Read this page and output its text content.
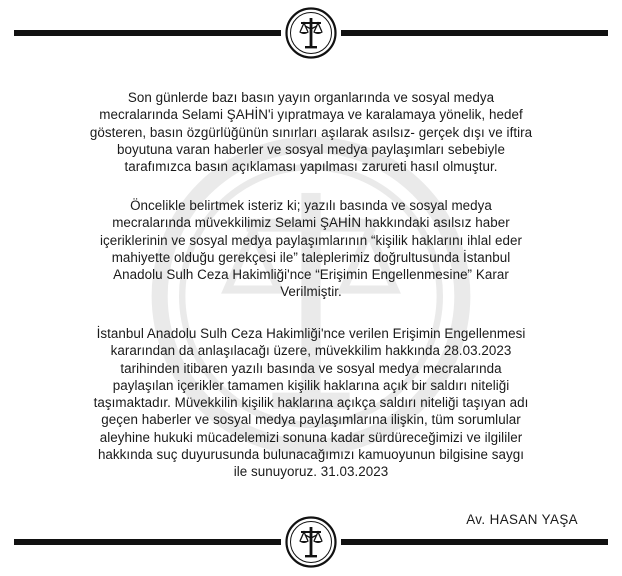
Son günlerde bazı basın yayın organlarında ve sosyal medya
mecralarında Selami ŞAHİN'i yıpratmaya ve karalamaya yönelik, hedef
gösteren, basın özgürlüğünün sınırları aşılarak asılsız- gerçek dışı ve iftira
boyutuna varan haberler ve sosyal medya paylaşımları sebebiyle
tarafımızca basın açıklaması yapılması zarureti hasıl olmuştur.
Öncelikle belirtmek isteriz ki; yazılı basında ve sosyal medya
mecralarında müvekkilimiz Selami ŞAHİN hakkındaki asılsız haber
içeriklerinin ve sosyal medya paylaşımlarının “kişilik haklarını ihlal eder
mahiyette olduğu gerekçesi ile” taleplerimiz doğrultusunda İstanbul
Anadolu Sulh Ceza Hakimliği'nce “Erişimin Engellenmesine” Karar
Verilmiştir.
İstanbul Anadolu Sulh Ceza Hakimliği'nce verilen Erişimin Engellenmesi
kararından da anlaşılacağı üzere, müvekkilim hakkında 28.03.2023
tarihinden itibaren yazılı basında ve sosyal medya mecralarında
paylaşılan içerikler tamamen kişilik haklarına açık bir saldırı niteliği
taşımaktadır. Müvekkilin kişilik haklarına açıkça saldırı niteliği taşıyan adı
geçen haberler ve sosyal medya paylaşımlarına ilişkin, tüm sorumlular
aleyhine hukuki mücadelemizi sonuna kadar sürdüreceğimizi ve ilgililer
hakkında suç duyurusunda bulunacağımızı kamuoyunun bilgisine saygı
ile sunuyoruz. 31.03.2023
Av. HASAN YAŞA
